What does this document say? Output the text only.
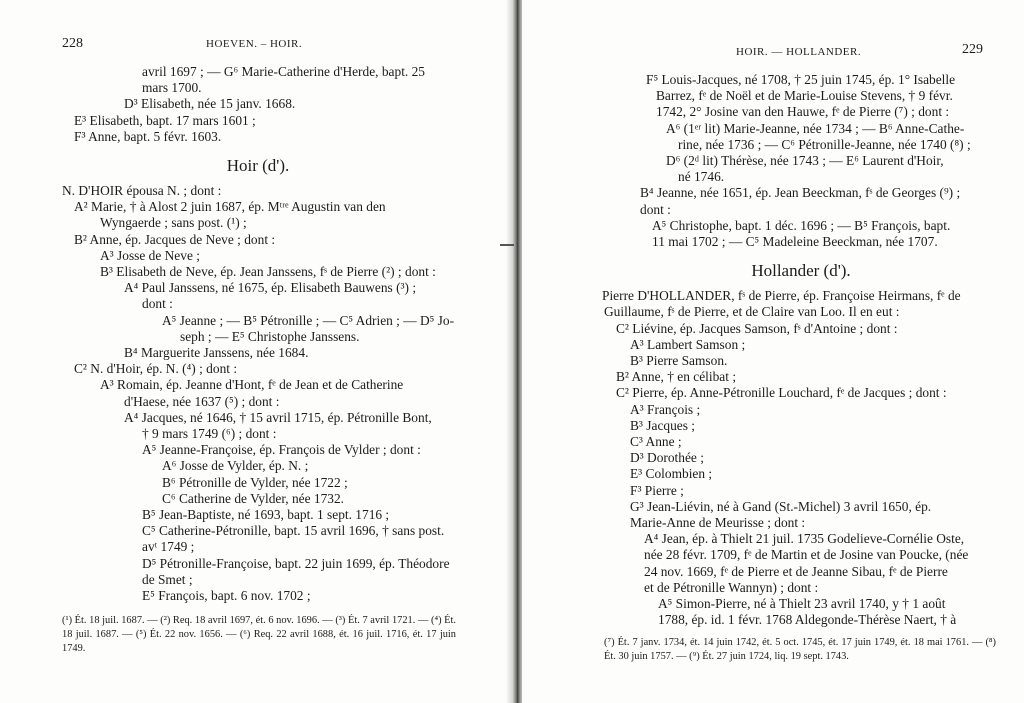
228	HOEVEN. – HOIR.
avril 1697 ; — G⁶ Marie-Catherine d'Herde, bapt. 25
mars 1700.
D³ Elisabeth, née 15 janv. 1668.
E³ Elisabeth, bapt. 17 mars 1601 ;
F³ Anne, bapt. 5 févr. 1603.
Hoir (d').
N. D'HOIR épousa N. ; dont :
A² Marie, † à Alost 2 juin 1687, ép. Mᵗʳᵉ Augustin van den
Wyngaerde ; sans post. (¹) ;
B² Anne, ép. Jacques de Neve ; dont :
A³ Josse de Neve ;
B³ Elisabeth de Neve, ép. Jean Janssens, fˢ de Pierre (²) ; dont :
A⁴ Paul Janssens, né 1675, ép. Elisabeth Bauwens (³) ;
dont :
A⁵ Jeanne ; — B⁵ Pétronille ; — C⁵ Adrien ; — D⁵ Jo-
seph ; — E⁵ Christophe Janssens.
B⁴ Marguerite Janssens, née 1684.
C² N. d'Hoir, ép. N. (⁴) ; dont :
A³ Romain, ép. Jeanne d'Hont, fᵉ de Jean et de Catherine
d'Haese, née 1637 (⁵) ; dont :
A⁴ Jacques, né 1646, † 15 avril 1715, ép. Pétronille Bont,
† 9 mars 1749 (⁶) ; dont :
A⁵ Jeanne-Françoise, ép. François de Vylder ; dont :
A⁶ Josse de Vylder, ép. N. ;
B⁶ Pétronille de Vylder, née 1722 ;
C⁶ Catherine de Vylder, née 1732.
B⁵ Jean-Baptiste, né 1693, bapt. 1 sept. 1716 ;
C⁵ Catherine-Pétronille, bapt. 15 avril 1696, † sans post.
avᵗ 1749 ;
D⁵ Pétronille-Françoise, bapt. 22 juin 1699, ép. Théodore
de Smet ;
E⁵ François, bapt. 6 nov. 1702 ;
(¹) Ét. 18 juil. 1687. — (²) Req. 18 avril 1697, ét. 6 nov. 1696. — (³) Ét. 7 avril 1721. — (⁴) Ét. 18 juil. 1687. — (⁵) Ét. 22 nov. 1656. — (⁶) Req. 22 avril 1688, ét. 16 juil. 1716, ét. 17 juin 1749.
HOIR. — HOLLANDER.	229
F⁵ Louis-Jacques, né 1708, † 25 juin 1745, ép. 1° Isabelle
Barrez, fᵉ de Noël et de Marie-Louise Stevens, † 9 févr.
1742, 2° Josine van den Hauwe, fᵉ de Pierre (⁷) ; dont :
A⁶ (1ᵉʳ lit) Marie-Jeanne, née 1734 ; — B⁶ Anne-Cathe-
rine, née 1736 ; — C⁶ Pétronille-Jeanne, née 1740 (⁸) ;
D⁶ (2ᵈ lit) Thérèse, née 1743 ; — E⁶ Laurent d'Hoir,
né 1746.
B⁴ Jeanne, née 1651, ép. Jean Beeckman, fˢ de Georges (⁹) ;
dont :
A⁵ Christophe, bapt. 1 déc. 1696 ; — B⁵ François, bapt.
11 mai 1702 ; — C⁵ Madeleine Beeckman, née 1707.
Hollander (d').
Pierre D'HOLLANDER, fˢ de Pierre, ép. Françoise Heirmans, fᵉ de
Guillaume, fˢ de Pierre, et de Claire van Loo. Il en eut :
C² Liévine, ép. Jacques Samson, fˢ d'Antoine ; dont :
A³ Lambert Samson ;
B³ Pierre Samson.
B² Anne, † en célibat ;
C² Pierre, ép. Anne-Pétronille Louchard, fᵉ de Jacques ; dont :
A³ François ;
B³ Jacques ;
C³ Anne ;
D³ Dorothée ;
E³ Colombien ;
F³ Pierre ;
G³ Jean-Liévin, né à Gand (St.-Michel) 3 avril 1650, ép.
Marie-Anne de Meurisse ; dont :
A⁴ Jean, ép. à Thielt 21 juil. 1735 Godelieve-Cornélie Oste,
née 28 févr. 1709, fᵉ de Martin et de Josine van Poucke, (née
24 nov. 1669, fᵉ de Pierre et de Jeanne Sibau, fᵉ de Pierre
et de Pétronille Wannyn) ; dont :
A⁵ Simon-Pierre, né à Thielt 23 avril 1740, y † 1 août
1788, ép. id. 1 févr. 1768 Aldegonde-Thérèse Naert, † à
(⁷) Ét. 7 janv. 1734, ét. 14 juin 1742, ét. 5 oct. 1745, ét. 17 juin 1749, ét. 18 mai 1761. — (⁸) Ét. 30 juin 1757. — (⁹) Ét. 27 juin 1724, liq. 19 sept. 1743.
